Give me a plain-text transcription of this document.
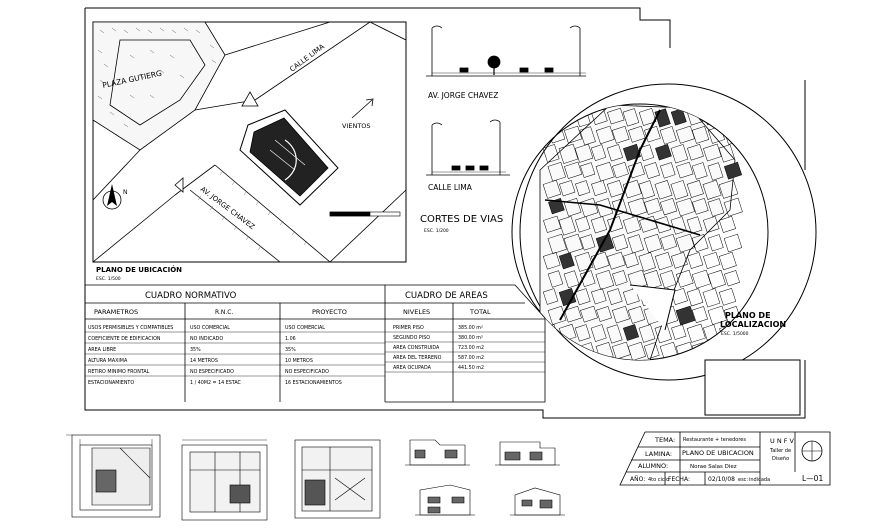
PLAZA GUTIERG
CALLE LIMA
AV. JORGE CHAVEZ
VIENTOS
N
PLANO DE UBICACIÓN
ESC. 1/500
AV. JORGE CHAVEZ
CALLE LIMA
CORTES DE VIAS
ESC. 1/200
PLANO DE
LOCALIZACION
ESC. 1/5000
CUADRO NORMATIVO
PARAMETROS	R.N.C.	PROYECTO
USOS PERMISIBLES Y COMPATIBLES	USO COMERCIAL	USO COMERCIAL
COEFICIENTE DE EDIFICACION	NO INDICADO	1.06
AREA LIBRE	35%	35%
ALTURA MAXIMA	14 METROS	10 METROS
RETIRO MINIMO FRONTAL	NO ESPECIFICADO	NO ESPECIFICADO
ESTACIONAMIENTO	1 / 40M2 = 14 ESTAC	16 ESTACIONAMIENTOS
CUADRO DE AREAS
NIVELES	TOTAL
PRIMER PISO	385.00 m²
SEGUNDO PISO	380.00 m²
AREA CONSTRUIDA	723.00 m2
AREA DEL TERRENO	587.00 m2
AREA OCUPADA	441.50 m2
TEMA: Restaurante + tenedores
LAMINA: PLANO DE UBICACION
ALUMNO:	Norae Salas Diez
AÑO: 4to ciclo
FECHA:	02/10/08 esc: indicada	L—01
U N F V
Taller de
Diseño
